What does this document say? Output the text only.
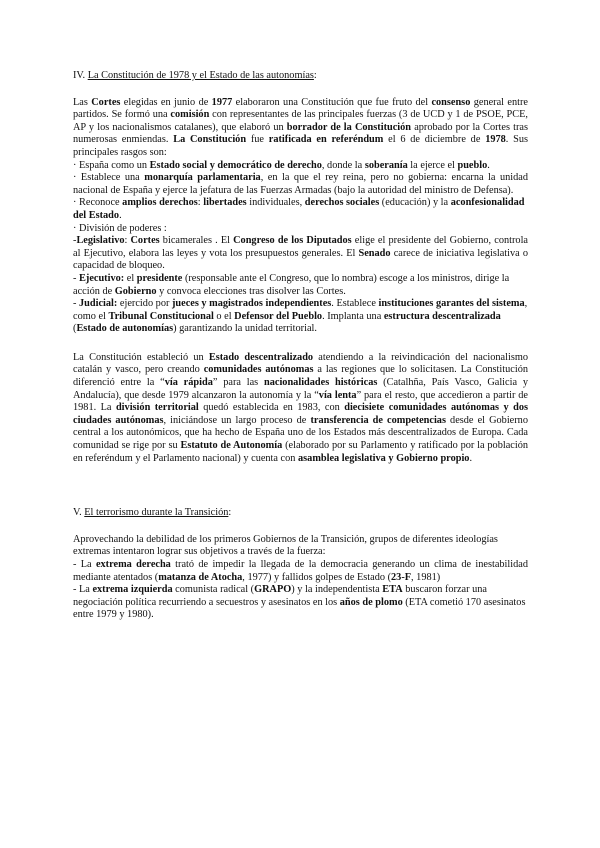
IV. La Constitución de 1978 y el Estado de las autonomías:

Las Cortes elegidas en junio de 1977 elaboraron una Constitución que fue fruto del consenso general entre partidos. Se formó una comisión con representantes de las principales fuerzas (3 de UCD y 1 de PSOE, PCE, AP y los nacionalismos catalanes), que elaboró un borrador de la Constitución aprobado por la Cortes tras numerosas enmiendas. La Constitución fue ratificada en referéndum el 6 de diciembre de 1978. Sus principales rasgos son:

· España como un Estado social y democrático de derecho, donde la soberanía la ejerce el pueblo.

· Establece una monarquía parlamentaria, en la que el rey reina, pero no gobierna: encarna la unidad nacional de España y ejerce la jefatura de las Fuerzas Armadas (bajo la autoridad del ministro de Defensa).

· Reconoce amplios derechos: libertades individuales, derechos sociales (educación) y la aconfesionalidad del Estado.

· División de poderes :

-Legislativo: Cortes bicamerales . El Congreso de los Diputados elige el presidente del Gobierno, controla al Ejecutivo, elabora las leyes y vota los presupuestos generales. El Senado carece de iniciativa legislativa o capacidad de bloqueo.

- Ejecutivo: el presidente (responsable ante el Congreso, que lo nombra) escoge a los ministros, dirige la acción de Gobierno y convoca elecciones tras disolver las Cortes.

- Judicial: ejercido por jueces y magistrados independientes. Establece instituciones garantes del sistema, como el Tribunal Constitucional o el Defensor del Pueblo. Implanta una estructura descentralizada (Estado de autonomías) garantizando la unidad territorial.

La Constitución estableció un Estado descentralizado atendiendo a la reivindicación del nacionalismo catalán y vasco, pero creando comunidades autónomas a las regiones que lo solicitasen. La Constitución diferenció entre la “vía rápida” para las nacionalidades históricas (Catalhña, País Vasco, Galicia y Andalucía), que desde 1979 alcanzaron la autonomía y la “vía lenta” para el resto, que accedieron a partir de 1981. La división territorial quedó establecida en 1983, con diecisiete comunidades autónomas y dos ciudades autónomas, iniciándose un largo proceso de transferencia de competencias desde el Gobierno central a los autonómicos, que ha hecho de España uno de los Estados más descentralizados de Europa. Cada comunidad se rige por su Estatuto de Autonomía (elaborado por su Parlamento y ratificado por la población en referéndum y el Parlamento nacional) y cuenta con asamblea legislativa y Gobierno propio.

V. El terrorismo durante la Transición:

Aprovechando la debilidad de los primeros Gobiernos de la Transición, grupos de diferentes ideologías extremas intentaron lograr sus objetivos a través de la fuerza:

- La extrema derecha trató de impedir la llegada de la democracia generando un clima de inestabilidad mediante atentados (matanza de Atocha, 1977) y fallidos golpes de Estado (23-F, 1981)

- La extrema izquierda comunista radical (GRAPO) y la independentista ETA buscaron forzar una negociación política recurriendo a secuestros y asesinatos en los años de plomo (ETA cometió 170 asesinatos entre 1979 y 1980).
